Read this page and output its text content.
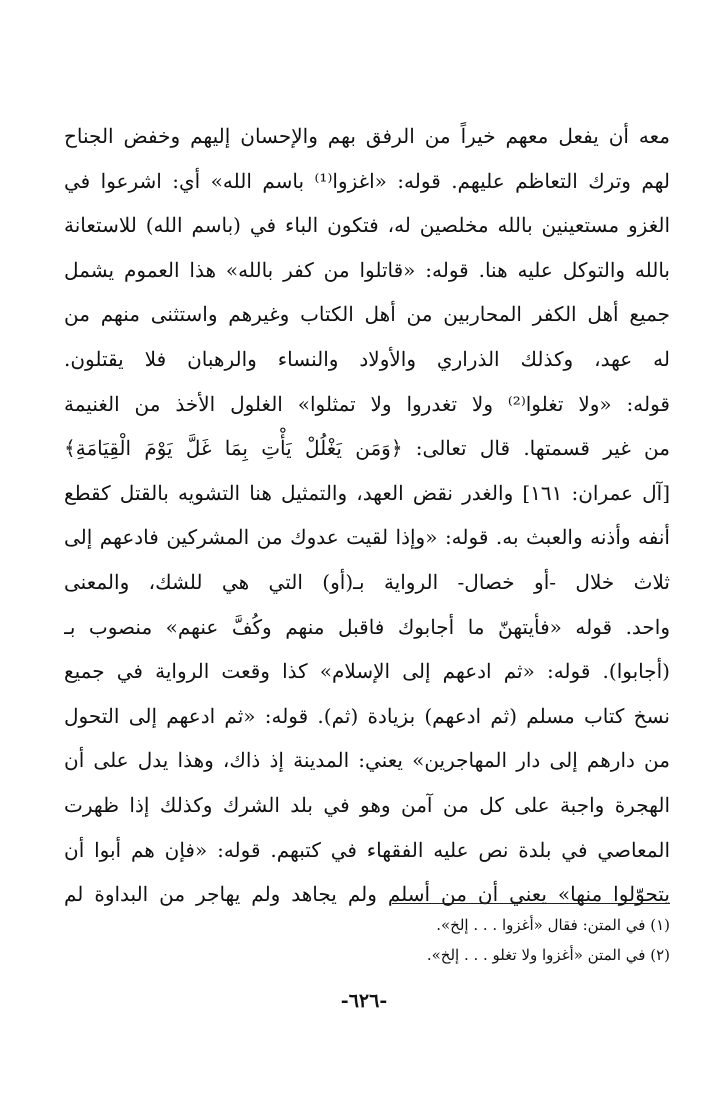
معه أن يفعل معهم خيراً من الرفق بهم والإحسان إليهم وخفض الجناح
لهم وترك التعاظم عليهم. قوله: «اغزوا⁽¹⁾ باسم الله» أي: اشرعوا في
الغزو مستعينين بالله مخلصين له، فتكون الباء في (باسم الله) للاستعانة
بالله والتوكل عليه هنا. قوله: «قاتلوا من كفر بالله» هذا العموم يشمل
جميع أهل الكفر المحاربين من أهل الكتاب وغيرهم واستثنى منهم من
له عهد، وكذلك الذراري والأولاد والنساء والرهبان فلا يقتلون.
قوله: «ولا تغلوا⁽²⁾ ولا تغدروا ولا تمثلوا» الغلول الأخذ من الغنيمة
من غير قسمتها. قال تعالى: ﴿وَمَن يَغْلُلْ يَأْتِ بِمَا غَلَّ يَوْمَ الْقِيَامَةِ﴾
[آل عمران: ١٦١] والغدر نقض العهد، والتمثيل هنا التشويه بالقتل كقطع
أنفه وأذنه والعبث به. قوله: «وإذا لقيت عدوك من المشركين فادعهم إلى
ثلاث خلال -أو خصال- الرواية بـ(أو) التي هي للشك، والمعنى
واحد. قوله «فأيتهنّ ما أجابوك فاقبل منهم وكُفَّ عنهم» منصوب بـ
(أجابوا). قوله: «ثم ادعهم إلى الإسلام» كذا وقعت الرواية في جميع
نسخ كتاب مسلم (ثم ادعهم) بزيادة (ثم). قوله: «ثم ادعهم إلى التحول
من دارهم إلى دار المهاجرين» يعني: المدينة إذ ذاك، وهذا يدل على أن
الهجرة واجبة على كل من آمن وهو في بلد الشرك وكذلك إذا ظهرت
المعاصي في بلدة نص عليه الفقهاء في كتبهم. قوله: «فإن هم أبوا أن
يتحوّلوا منها» يعني أن من أسلم ولم يجاهد ولم يهاجر من البداوة لم
(١) في المتن: فقال «أغزوا . . . إلخ».
(٢) في المتن «أغزوا ولا تغلو . . . إلخ».
-٦٢٦-
